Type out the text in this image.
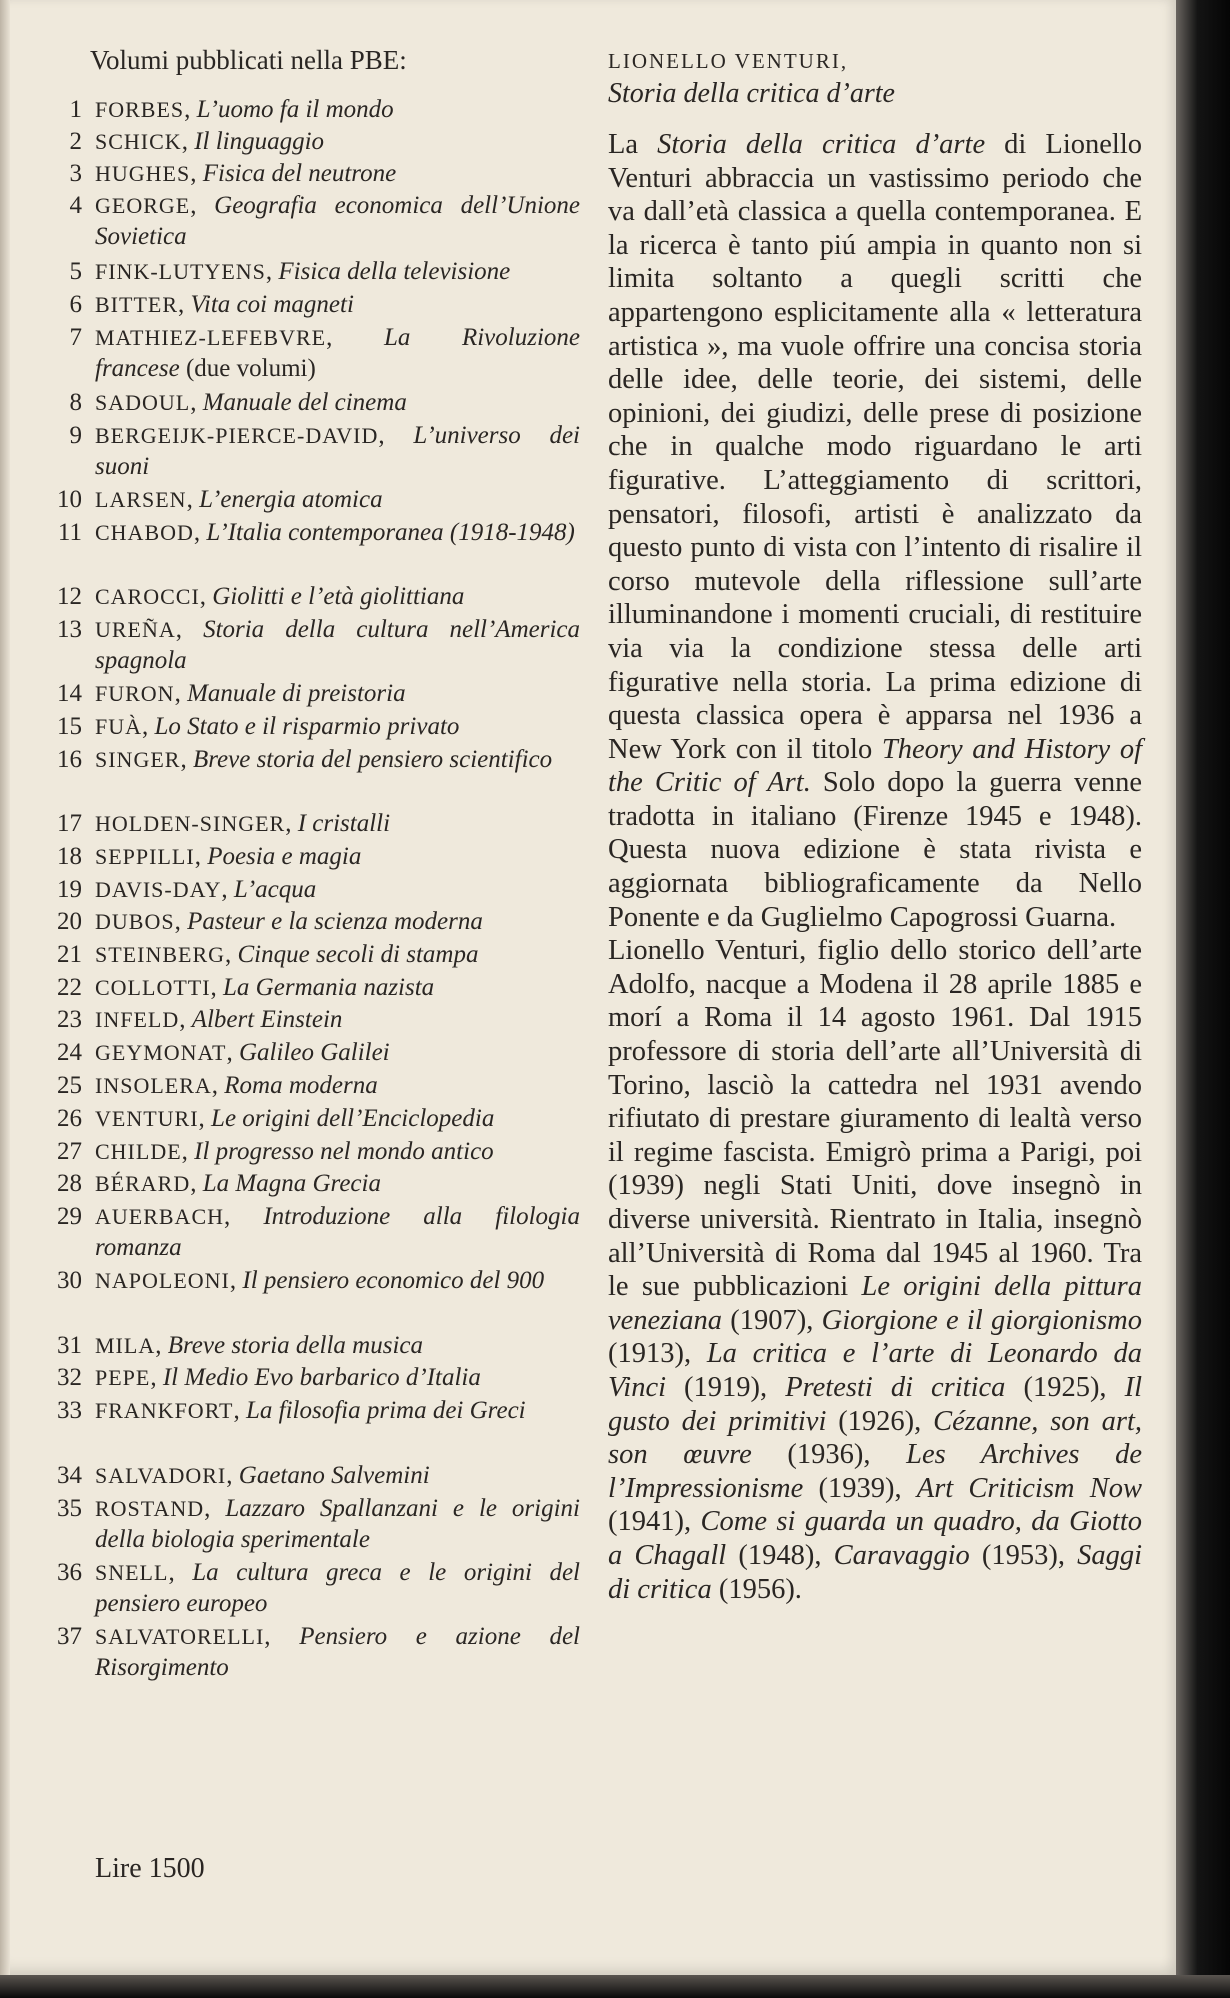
Volumi pubblicati nella PBE:
1 FORBES, L’uomo fa il mondo
2 SCHICK, Il linguaggio
3 HUGHES, Fisica del neutrone
4 GEORGE, Geografia economica dell’Unione Sovietica
5 FINK-LUTYENS, Fisica della televisione
6 BITTER, Vita coi magneti
7 MATHIEZ-LEFEBVRE, La Rivoluzione francese (due volumi)
8 SADOUL, Manuale del cinema
9 BERGEIJK-PIERCE-DAVID, L’universo dei suoni
10 LARSEN, L’energia atomica
11 CHABOD, L’Italia contemporanea (1918-1948)
12 CAROCCI, Giolitti e l’età giolittiana
13 UREÑA, Storia della cultura nell’America spagnola
14 FURON, Manuale di preistoria
15 FUÀ, Lo Stato e il risparmio privato
16 SINGER, Breve storia del pensiero scientifico
17 HOLDEN-SINGER, I cristalli
18 SEPPILLI, Poesia e magia
19 DAVIS-DAY, L’acqua
20 DUBOS, Pasteur e la scienza moderna
21 STEINBERG, Cinque secoli di stampa
22 COLLOTTI, La Germania nazista
23 INFELD, Albert Einstein
24 GEYMONAT, Galileo Galilei
25 INSOLERA, Roma moderna
26 VENTURI, Le origini dell’Enciclopedia
27 CHILDE, Il progresso nel mondo antico
28 BÉRARD, La Magna Grecia
29 AUERBACH, Introduzione alla filologia romanza
30 NAPOLEONI, Il pensiero economico del 900
31 MILA, Breve storia della musica
32 PEPE, Il Medio Evo barbarico d’Italia
33 FRANKFORT, La filosofia prima dei Greci
34 SALVADORI, Gaetano Salvemini
35 ROSTAND, Lazzaro Spallanzani e le origini della biologia sperimentale
36 SNELL, La cultura greca e le origini del pensiero europeo
37 SALVATORELLI, Pensiero e azione del Risorgimento
Lire 1500
LIONELLO VENTURI,
Storia della critica d’arte

La Storia della critica d’arte di Lionello Venturi abbraccia un vastissimo periodo che va dall’età classica a quella contemporanea. E la ricerca è tanto piú ampia in quanto non si limita soltanto a quegli scritti che appartengono esplicitamente alla « letteratura artistica », ma vuole offrire una concisa storia delle idee, delle teorie, dei sistemi, delle opinioni, dei giudizi, delle prese di posizione che in qualche modo riguardano le arti figurative. L’atteggiamento di scrittori, pensatori, filosofi, artisti è analizzato da questo punto di vista con l’intento di risalire il corso mutevole della riflessione sull’arte illuminandone i momenti cruciali, di restituire via via la condizione stessa delle arti figurative nella storia. La prima edizione di questa classica opera è apparsa nel 1936 a New York con il titolo Theory and History of the Critic of Art. Solo dopo la guerra venne tradotta in italiano (Firenze 1945 e 1948). Questa nuova edizione è stata rivista e aggiornata bibliograficamente da Nello Ponente e da Guglielmo Capogrossi Guarna.

Lionello Venturi, figlio dello storico dell’arte Adolfo, nacque a Modena il 28 aprile 1885 e morí a Roma il 14 agosto 1961. Dal 1915 professore di storia dell’arte all’Università di Torino, lasciò la cattedra nel 1931 avendo rifiutato di prestare giuramento di lealtà verso il regime fascista. Emigrò prima a Parigi, poi (1939) negli Stati Uniti, dove insegnò in diverse università. Rientrato in Italia, insegnò all’Università di Roma dal 1945 al 1960. Tra le sue pubblicazioni Le origini della pittura veneziana (1907), Giorgione e il giorgionismo (1913), La critica e l’arte di Leonardo da Vinci (1919), Pretesti di critica (1925), Il gusto dei primitivi (1926), Cézanne, son art, son œuvre (1936), Les Archives de l’Impressionisme (1939), Art Criticism Now (1941), Come si guarda un quadro, da Giotto a Chagall (1948), Caravaggio (1953), Saggi di critica (1956).
